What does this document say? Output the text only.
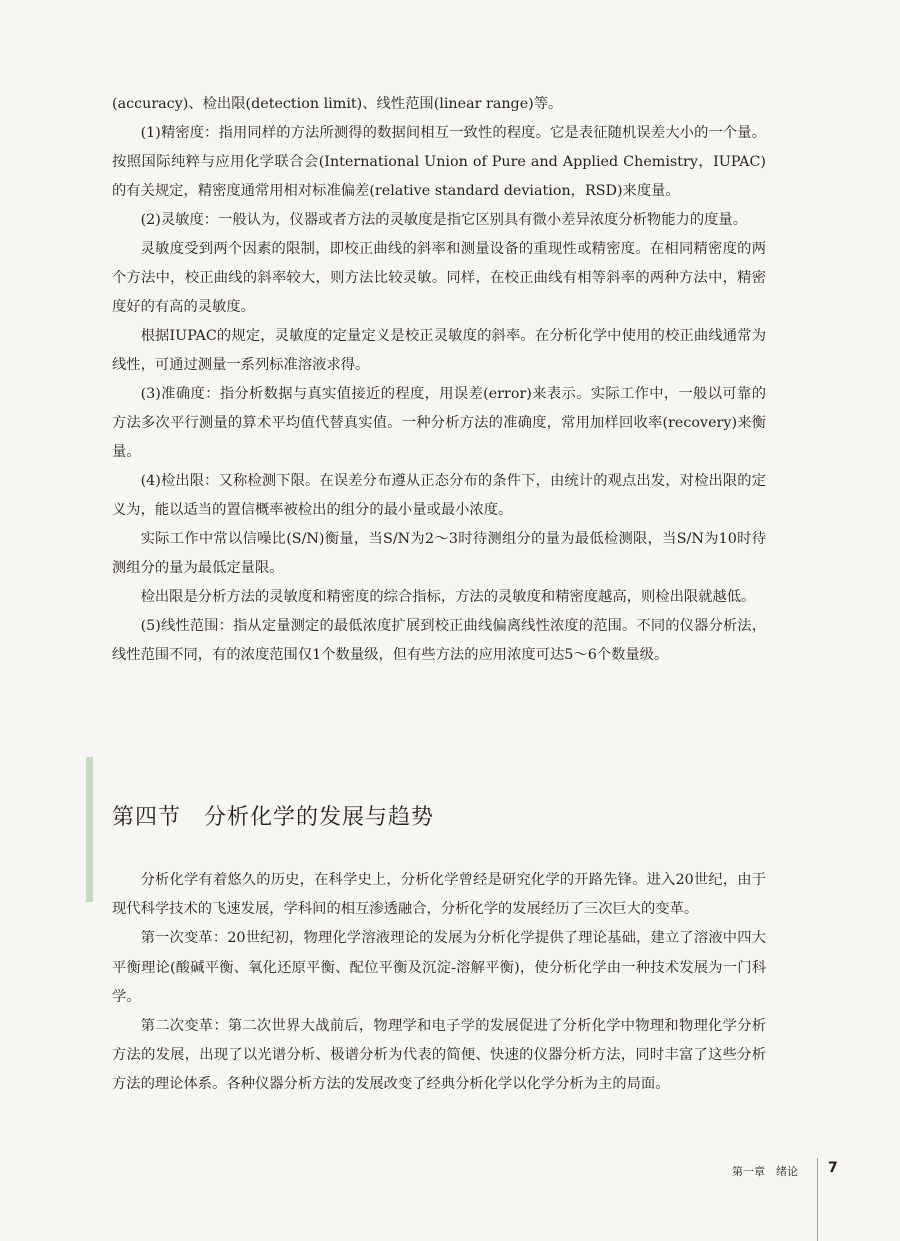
(accuracy)、检出限(detection limit)、线性范围(linear range)等。

(1)精密度：指用同样的方法所测得的数据间相互一致性的程度。它是表征随机误差大小的一个量。按照国际纯粹与应用化学联合会(International Union of Pure and Applied Chemistry，IUPAC)的有关规定，精密度通常用相对标准偏差(relative standard deviation，RSD)来度量。

(2)灵敏度：一般认为，仪器或者方法的灵敏度是指它区别具有微小差异浓度分析物能力的度量。

灵敏度受到两个因素的限制，即校正曲线的斜率和测量设备的重现性或精密度。在相同精密度的两个方法中，校正曲线的斜率较大，则方法比较灵敏。同样，在校正曲线有相等斜率的两种方法中，精密度好的有高的灵敏度。

根据IUPAC的规定，灵敏度的定量定义是校正灵敏度的斜率。在分析化学中使用的校正曲线通常为线性，可通过测量一系列标准溶液求得。

(3)准确度：指分析数据与真实值接近的程度，用误差(error)来表示。实际工作中，一般以可靠的方法多次平行测量的算术平均值代替真实值。一种分析方法的准确度，常用加样回收率(recovery)来衡量。

(4)检出限：又称检测下限。在误差分布遵从正态分布的条件下，由统计的观点出发，对检出限的定义为，能以适当的置信概率被检出的组分的最小量或最小浓度。

实际工作中常以信噪比(S/N)衡量，当S/N为2～3时待测组分的量为最低检测限，当S/N为10时待测组分的量为最低定量限。

检出限是分析方法的灵敏度和精密度的综合指标，方法的灵敏度和精密度越高，则检出限就越低。

(5)线性范围：指从定量测定的最低浓度扩展到校正曲线偏离线性浓度的范围。不同的仪器分析法，线性范围不同，有的浓度范围仅1个数量级，但有些方法的应用浓度可达5～6个数量级。

第四节　分析化学的发展与趋势

分析化学有着悠久的历史，在科学史上，分析化学曾经是研究化学的开路先锋。进入20世纪，由于现代科学技术的飞速发展，学科间的相互渗透融合，分析化学的发展经历了三次巨大的变革。

第一次变革：20世纪初，物理化学溶液理论的发展为分析化学提供了理论基础，建立了溶液中四大平衡理论(酸碱平衡、氧化还原平衡、配位平衡及沉淀-溶解平衡)，使分析化学由一种技术发展为一门科学。

第二次变革：第二次世界大战前后，物理学和电子学的发展促进了分析化学中物理和物理化学分析方法的发展，出现了以光谱分析、极谱分析为代表的简便、快速的仪器分析方法，同时丰富了这些分析方法的理论体系。各种仪器分析方法的发展改变了经典分析化学以化学分析为主的局面。

第一章　绪论 7
